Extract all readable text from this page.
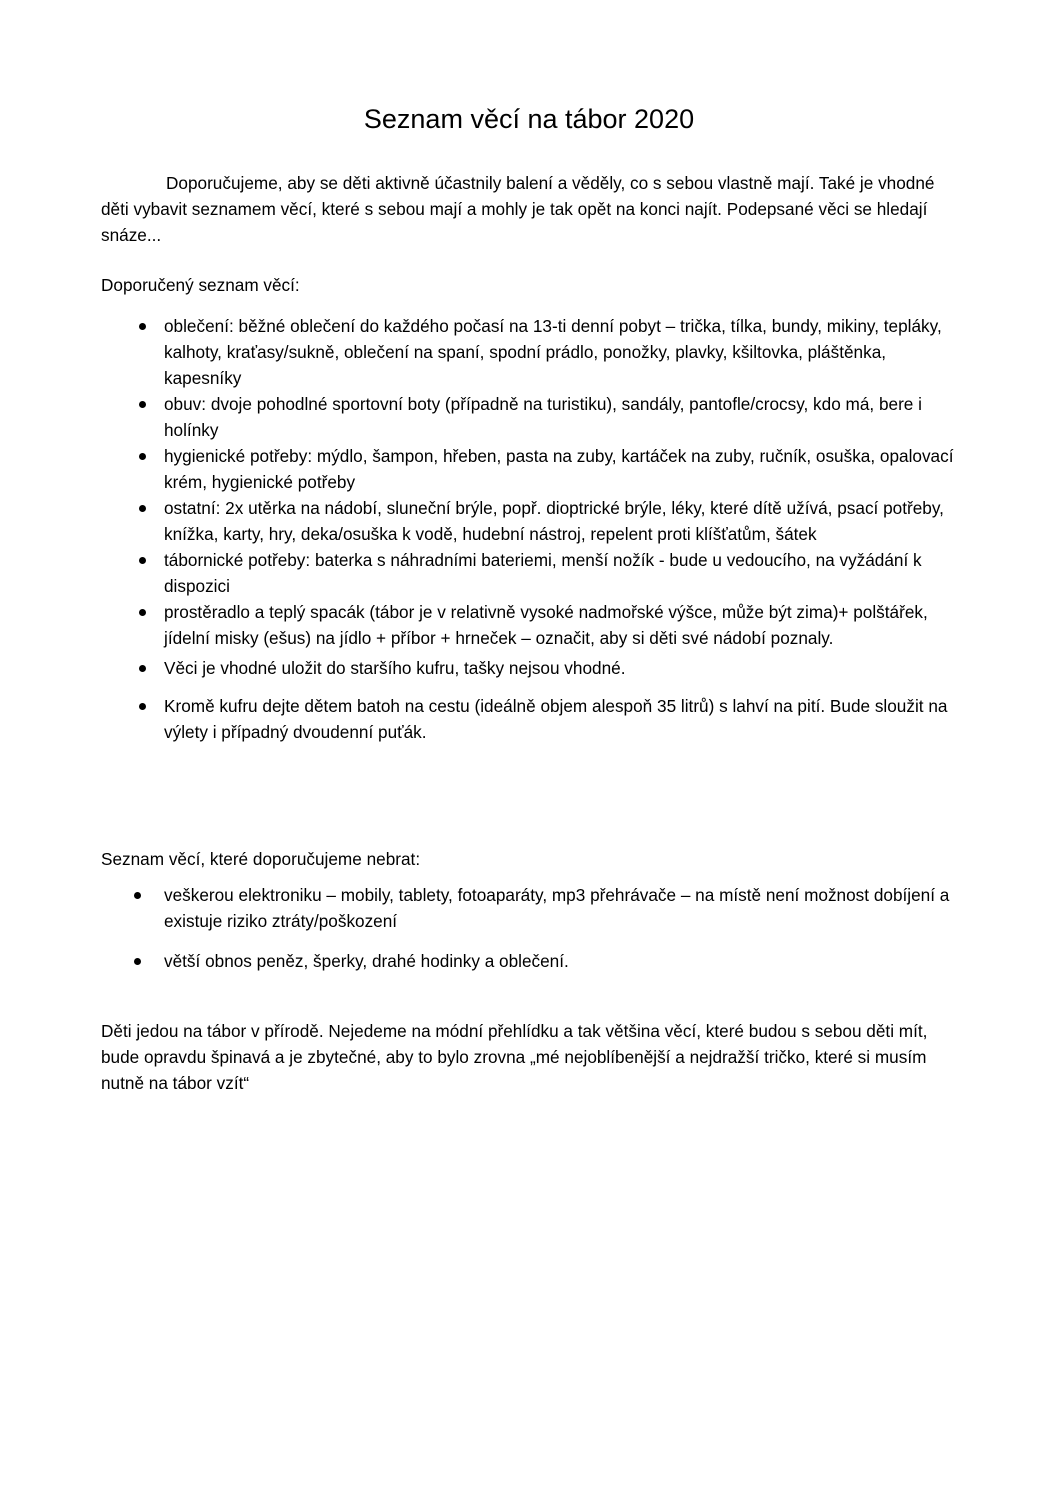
Seznam věcí na tábor 2020

Doporučujeme, aby se děti aktivně účastnily balení a věděly, co s sebou vlastně mají. Také je vhodné děti vybavit seznamem věcí, které s sebou mají a mohly je tak opět na konci najít. Podepsané věci se hledají snáze...

Doporučený seznam věcí:
oblečení: běžné oblečení do každého počasí na 13-ti denní pobyt – trička, tílka, bundy, mikiny, tepláky, kalhoty, kraťasy/sukně, oblečení na spaní, spodní prádlo, ponožky, plavky, kšiltovka, pláštěnka, kapesníky
obuv: dvoje pohodlné sportovní boty (případně na turistiku), sandály, pantofle/crocsy, kdo má, bere i holínky
hygienické potřeby: mýdlo, šampon, hřeben, pasta na zuby, kartáček na zuby, ručník, osuška, opalovací krém, hygienické potřeby
ostatní: 2x utěrka na nádobí, sluneční brýle, popř. dioptrické brýle, léky, které dítě užívá, psací potřeby, knížka, karty, hry, deka/osuška k vodě, hudební nástroj, repelent proti klíšťatům, šátek
tábornické potřeby: baterka s náhradními bateriemi, menší nožík - bude u vedoucího, na vyžádání k dispozici
prostěradlo a teplý spacák (tábor je v relativně vysoké nadmořské výšce, může být zima)+ polštářek, jídelní misky (ešus) na jídlo + příbor + hrneček – označit, aby si děti své nádobí poznaly.
Věci je vhodné uložit do staršího kufru, tašky nejsou vhodné.
Kromě kufru dejte dětem batoh na cestu (ideálně objem alespoň 35 litrů) s lahví na pití. Bude sloužit na výlety i případný dvoudenní puťák.
Seznam věcí, které doporučujeme nebrat:
veškerou elektroniku – mobily, tablety, fotoaparáty, mp3 přehrávače – na místě není možnost dobíjení a existuje riziko ztráty/poškození
větší obnos peněz, šperky, drahé hodinky a oblečení.

Děti jedou na tábor v přírodě. Nejedeme na módní přehlídku a tak většina věcí, které budou s sebou děti mít, bude opravdu špinavá a je zbytečné, aby to bylo zrovna „mé nejoblíbenější a nejdražší tričko, které si musím nutně na tábor vzít“
